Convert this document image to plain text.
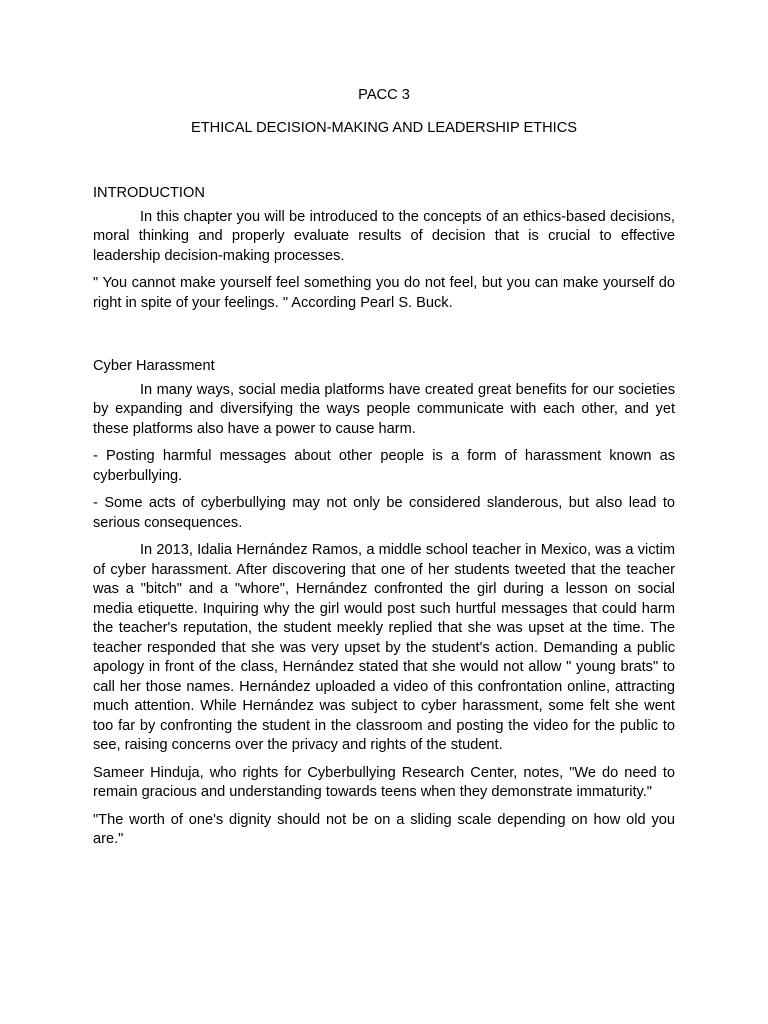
PACC 3

ETHICAL DECISION-MAKING AND LEADERSHIP ETHICS

INTRODUCTION

In this chapter you will be introduced to the concepts of an ethics-based decisions, moral thinking and properly evaluate results of decision that is crucial to effective leadership decision-making processes.

" You cannot make yourself feel something you do not feel, but you can make yourself do right in spite of your feelings. " According Pearl S. Buck.

Cyber Harassment

In many ways, social media platforms have created great benefits for our societies by expanding and diversifying the ways people communicate with each other, and yet these platforms also have a power to cause harm.

- Posting harmful messages about other people is a form of harassment known as cyberbullying.

- Some acts of cyberbullying may not only be considered slanderous, but also lead to serious consequences.

In 2013, Idalia Hernández Ramos, a middle school teacher in Mexico, was a victim of cyber harassment. After discovering that one of her students tweeted that the teacher was a "bitch" and a "whore", Hernández confronted the girl during a lesson on social media etiquette. Inquiring why the girl would post such hurtful messages that could harm the teacher's reputation, the student meekly replied that she was upset at the time. The teacher responded that she was very upset by the student's action. Demanding a public apology in front of the class, Hernández stated that she would not allow " young brats" to call her those names. Hernández uploaded a video of this confrontation online, attracting much attention. While Hernández was subject to cyber harassment, some felt she went too far by confronting the student in the classroom and posting the video for the public to see, raising concerns over the privacy and rights of the student.

Sameer Hinduja, who rights for Cyberbullying Research Center, notes, "We do need to remain gracious and understanding towards teens when they demonstrate immaturity."

"The worth of one's dignity should not be on a sliding scale depending on how old you are."
